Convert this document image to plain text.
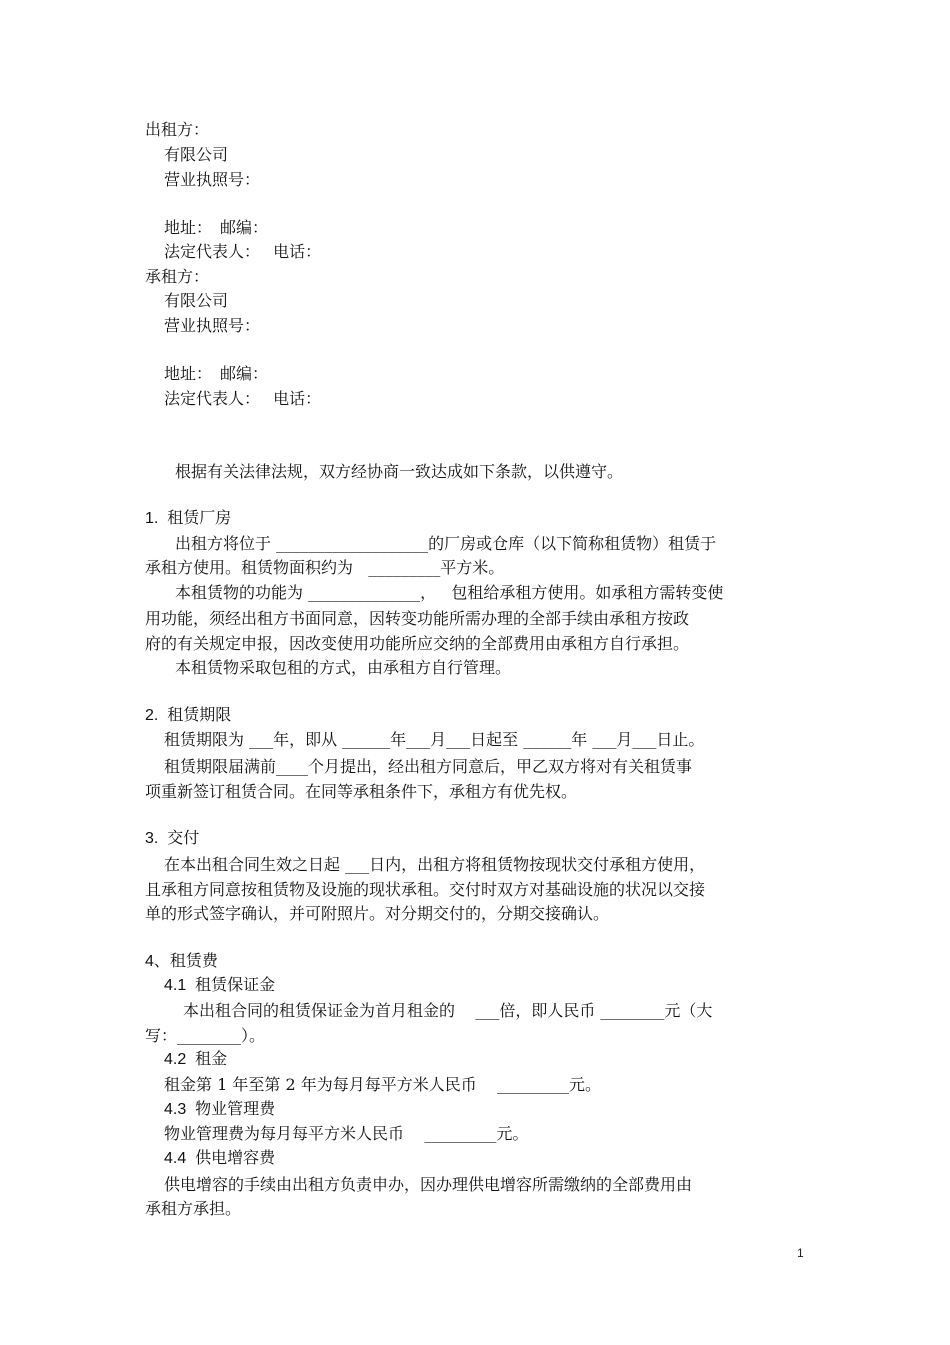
出租方：
有限公司
营业执照号：
地址：　邮编：
法定代表人：　 电话：
承租方：
有限公司
营业执照号：
地址：　邮编：
法定代表人：　 电话：
根据有关法律法规，双方经协商一致达成如下条款，以供遵守。
1.  租赁厂房
出租方将位于 ___________________的厂房或仓库（以下简称租赁物）租赁于
承租方使用。租赁物面积约为   _________平方米。
本租赁物的功能为 ______________，   包租给承租方使用。如承租方需转变使
用功能，须经出租方书面同意，因转变功能所需办理的全部手续由承租方按政
府的有关规定申报，因改变使用功能所应交纳的全部费用由承租方自行承担。
本租赁物采取包租的方式，由承租方自行管理。
2.  租赁期限
租赁期限为 ___年，即从 ______年___月___日起至 ______年 ___月___日止。
租赁期限届满前____个月提出，经出租方同意后，甲乙双方将对有关租赁事
项重新签订租赁合同。在同等承租条件下，承租方有优先权。
3.  交付
在本出租合同生效之日起 ___日内，出租方将租赁物按现状交付承租方使用，
且承租方同意按租赁物及设施的现状承租。交付时双方对基础设施的状况以交接
单的形式签字确认，并可附照片。对分期交付的，分期交接确认。
4、租赁费
4.1  租赁保证金
本出租合同的租赁保证金为首月租金的    ___倍，即人民币 ________元（大
写：________）。
4.2  租金
租金第 1 年至第 2 年为每月每平方米人民币    _________元。
4.3  物业管理费
物业管理费为每月每平方米人民币    _________元。
4.4  供电增容费
供电增容的手续由出租方负责申办，因办理供电增容所需缴纳的全部费用由
承租方承担。
1
